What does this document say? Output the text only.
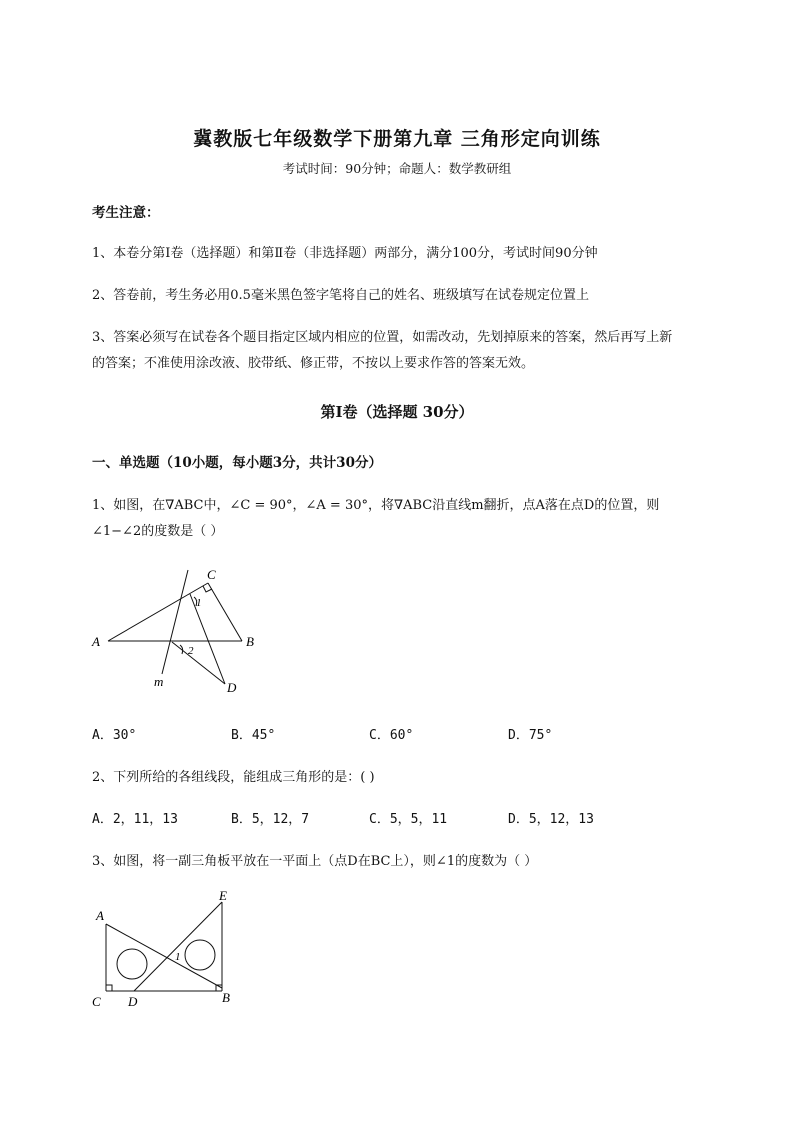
冀教版七年级数学下册第九章 三角形定向训练
考试时间：90分钟；命题人：数学教研组
考生注意：
1、本卷分第I卷（选择题）和第Ⅱ卷（非选择题）两部分，满分100分，考试时间90分钟
2、答卷前，考生务必用0.5毫米黑色签字笔将自己的姓名、班级填写在试卷规定位置上
3、答案必须写在试卷各个题目指定区域内相应的位置，如需改动，先划掉原来的答案，然后再写上新
的答案；不准使用涂改液、胶带纸、修正带，不按以上要求作答的答案无效。
第I卷（选择题 30分）
一、单选题（10小题，每小题3分，共计30分）
1、如图，在∇ABC中，∠C = 90°，∠A = 30°，将∇ABC沿直线m翻折，点A落在点D的位置，则
∠1−∠2的度数是（ ）
A	B
C
D
m
1
2
A．30°	B．45°	C．60°	D．75°
2、下列所给的各组线段，能组成三角形的是：( )
A．2，11，13	B．5，12，7	C．5，5，11	D．5，12，13
3、如图，将一副三角板平放在一平面上（点D在BC上），则∠1的度数为（ ）
A
C D	B
E
1
